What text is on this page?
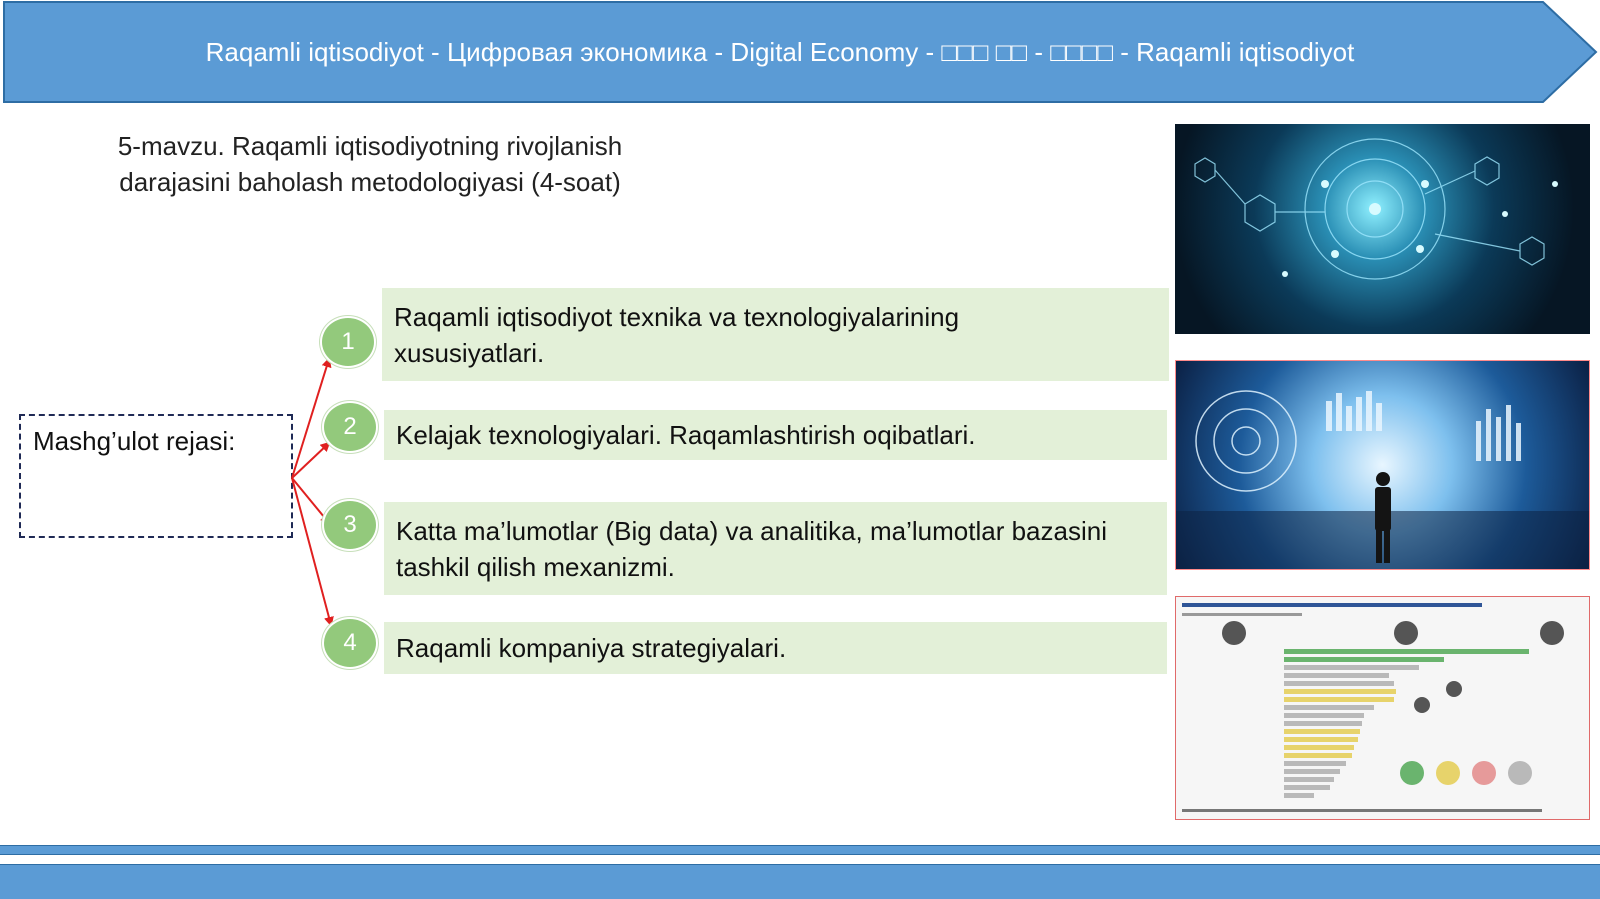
Raqamli iqtisodiyot - Цифровая экономика - Digital Economy - □□□ □□ - □□□□ - Raqamli iqtisodiyot
5-mavzu. Raqamli iqtisodiyotning rivojlanish
darajasini baholash metodologiyasi (4-soat)
Mashg’ulot rejasi:
1
Raqamli iqtisodiyot texnika va texnologiyalarining xususiyatlari.
2	Kelajak texnologiyalari. Raqamlashtirish oqibatlari.
3	Katta ma’lumotlar (Big data) va analitika, ma’lumotlar bazasini tashkil qilish mexanizmi.
4	Raqamli kompaniya strategiyalari.
